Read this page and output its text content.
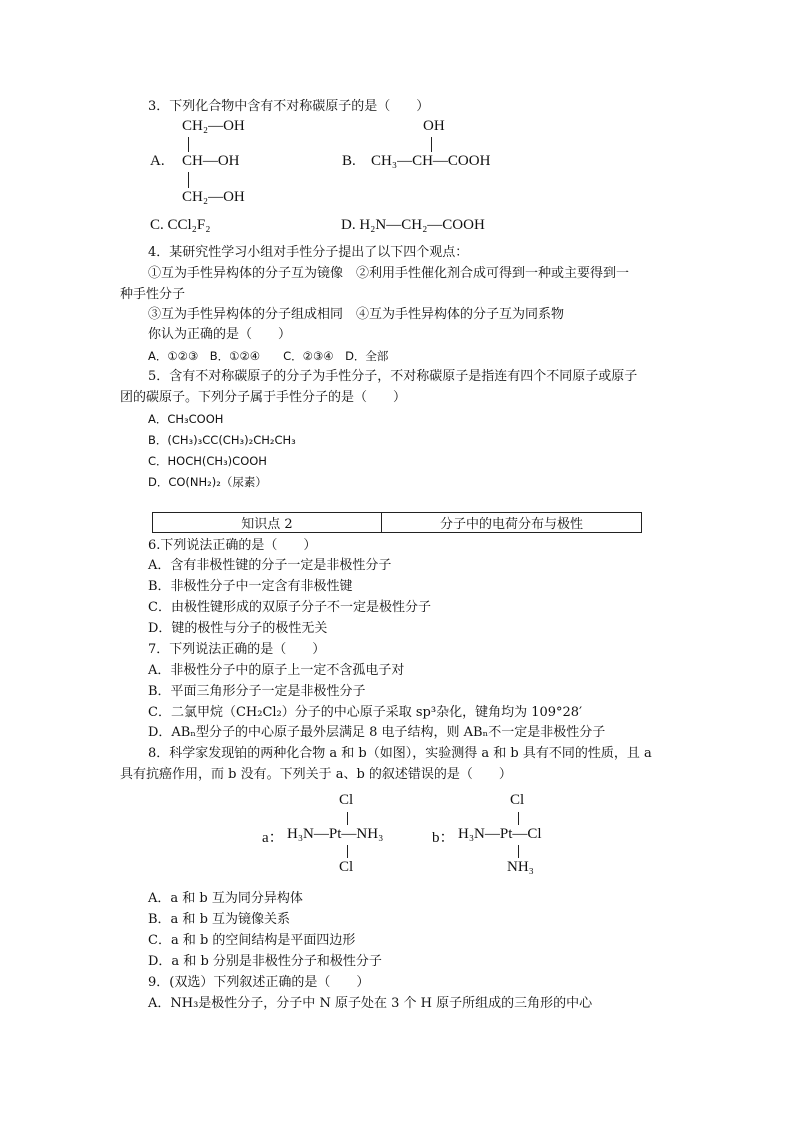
3．下列化合物中含有不对称碳原子的是（　　）
CH₂—OH
A. CH—OH
CH₂—OH
OH
B. CH₃—CH—COOH
C. CCl₂F₂	D. H₂N—CH₂—COOH
4．某研究性学习小组对手性分子提出了以下四个观点：
①互为手性异构体的分子互为镜像　②利用手性催化剂合成可得到一种或主要得到一
种手性分子
③互为手性异构体的分子组成相同　④互为手性异构体的分子互为同系物
你认为正确的是（　　）
A．①②③　B．①②④　　C．②③④　D．全部
5．含有不对称碳原子的分子为手性分子，不对称碳原子是指连有四个不同原子或原子
团的碳原子。下列分子属于手性分子的是（　　）
A．CH₃COOH
B．(CH₃)₃CC(CH₃)₂CH₂CH₃
C．HOCH(CH₃)COOH
D．CO(NH₂)₂（尿素）
知识点 2	分子中的电荷分布与极性
6.下列说法正确的是（　　）
A．含有非极性键的分子一定是非极性分子
B．非极性分子中一定含有非极性键
C．由极性键形成的双原子分子不一定是极性分子
D．键的极性与分子的极性无关
7．下列说法正确的是（　　）
A．非极性分子中的原子上一定不含孤电子对
B．平面三角形分子一定是非极性分子
C．二氯甲烷（CH₂Cl₂）分子的中心原子采取 sp³杂化，键角均为 109°28′
D．ABₙ型分子的中心原子最外层满足 8 电子结构，则 ABₙ不一定是非极性分子
8．科学家发现铂的两种化合物 a 和 b（如图），实验测得 a 和 b 具有不同的性质，且 a
具有抗癌作用，而 b 没有。下列关于 a、b 的叙述错误的是（　　）
Cl
a： H₃N—Pt—NH₃
Cl
Cl
b： H₃N—Pt—Cl
NH₃
A．a 和 b 互为同分异构体
B．a 和 b 互为镜像关系
C．a 和 b 的空间结构是平面四边形
D．a 和 b 分别是非极性分子和极性分子
9．(双选）下列叙述正确的是（　　）
A．NH₃是极性分子，分子中 N 原子处在 3 个 H 原子所组成的三角形的中心
